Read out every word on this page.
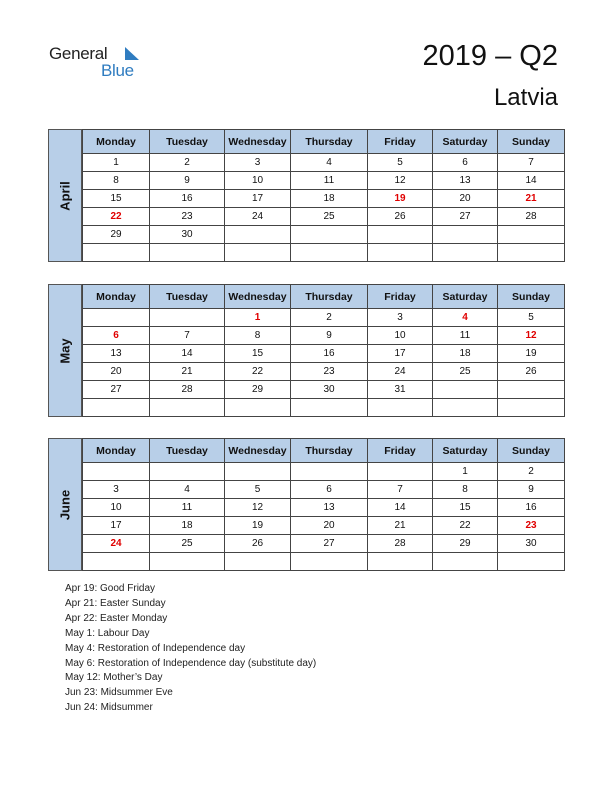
General
Blue	2019 – Q2
Latvia
April
Monday	Tuesday	Wednesday	Thursday	Friday	Saturday	Sunday
1	2	3	4	5	6	7
8	9	10	11	12	13	14
15	16	17	18	19	20	21
22	23	24	25	26	27	28
29	30					

May
Monday	Tuesday	Wednesday	Thursday	Friday	Saturday	Sunday
		1	2	3	4	5
6	7	8	9	10	11	12
13	14	15	16	17	18	19
20	21	22	23	24	25	26
27	28	29	30	31		

June
Monday	Tuesday	Wednesday	Thursday	Friday	Saturday	Sunday
					1	2
3	4	5	6	7	8	9
10	11	12	13	14	15	16
17	18	19	20	21	22	23
24	25	26	27	28	29	30

Apr 19: Good Friday
Apr 21: Easter Sunday
Apr 22: Easter Monday
May 1: Labour Day
May 4: Restoration of Independence day
May 6: Restoration of Independence day (substitute day)
May 12: Mother’s Day
Jun 23: Midsummer Eve
Jun 24: Midsummer
